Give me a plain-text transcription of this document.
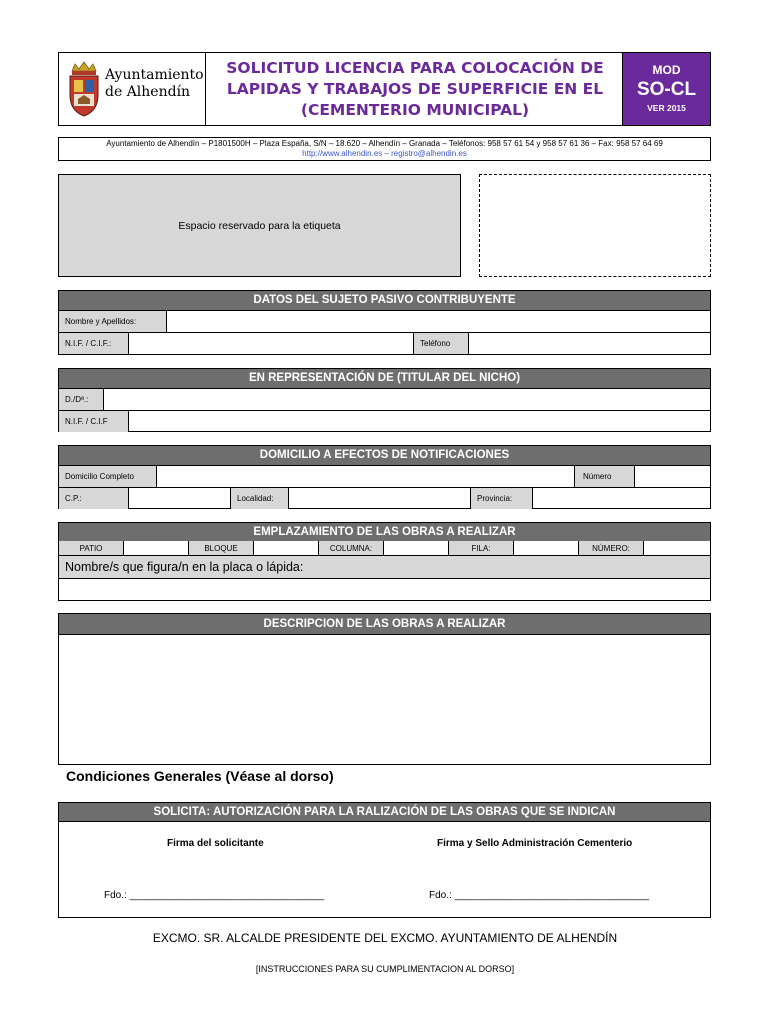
Ayuntamiento
de Alhendín
SOLICITUD LICENCIA PARA COLOCACIÓN DE
LAPIDAS Y TRABAJOS DE SUPERFICIE EN EL
(CEMENTERIO MUNICIPAL)
MOD
SO-CL
VER 2015
Ayuntamiento de Alhendín – P1801500H – Plaza España, S/N – 18.620 – Alhendín – Granada – Teléfonos: 958 57 61 54 y 958 57 61 36 – Fax: 958 57 64 69
http://www.alhendin.es – registro@alhendin.es
Espacio reservado para la etiqueta
DATOS DEL SUJETO PASIVO CONTRIBUYENTE
Nombre y Apellidos:
N.I.F. / C.I.F.:	Teléfono
EN REPRESENTACIÓN DE (TITULAR DEL NICHO)
D./Dª.:
N.I.F. / C.I.F
DOMICILIO A EFECTOS DE NOTIFICACIONES
Domicilio Completo	Número
C.P.:	Localidad:	Provincia:
EMPLAZAMIENTO DE LAS OBRAS A REALIZAR
PATIO	BLOQUE	COLUMNA:	FILA:	NÚMERO:
Nombre/s que figura/n en la placa o lápida:
DESCRIPCION DE LAS OBRAS A REALIZAR
Condiciones Generales (Véase al dorso)
SOLICITA: AUTORIZACIÓN PARA LA RALIZACIÓN DE LAS OBRAS QUE SE INDICAN
Firma del solicitante	Firma y Sello Administración Cementerio
Fdo.: ___________________________________	Fdo.: ___________________________________
EXCMO. SR. ALCALDE PRESIDENTE DEL EXCMO. AYUNTAMIENTO DE ALHENDÍN
[INSTRUCCIONES PARA SU CUMPLIMENTACION AL DORSO]
